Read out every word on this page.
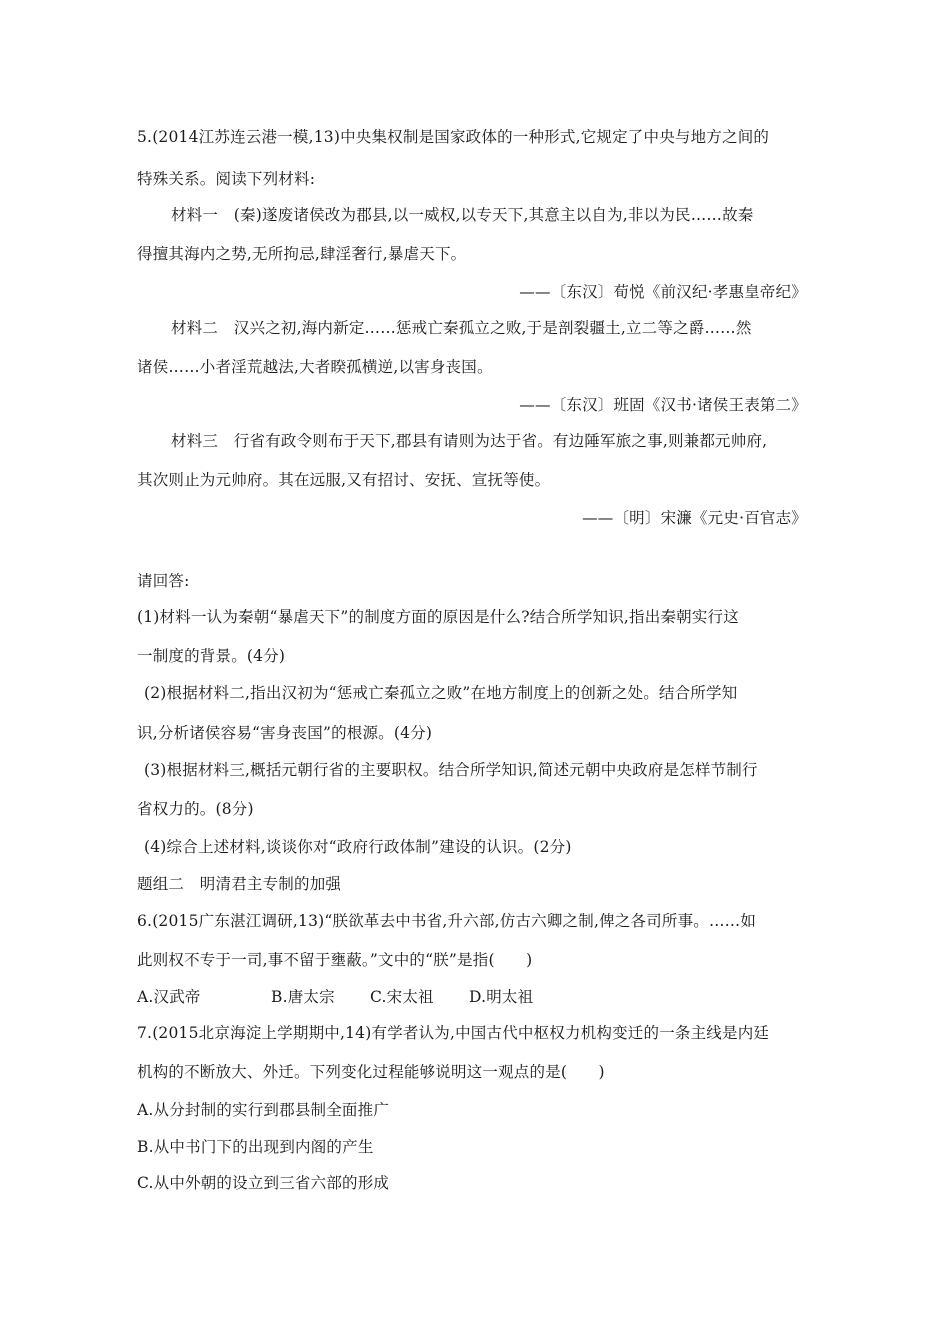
5.(2014江苏连云港一模,13)中央集权制是国家政体的一种形式,它规定了中央与地方之间的
特殊关系。阅读下列材料:
材料一　(秦)遂废诸侯改为郡县,以一威权,以专天下,其意主以自为,非以为民……故秦
得擅其海内之势,无所拘忌,肆淫奢行,暴虐天下。
——〔东汉〕荀悦《前汉纪·孝惠皇帝纪》
材料二　汉兴之初,海内新定……惩戒亡秦孤立之败,于是剖裂疆土,立二等之爵……然
诸侯……小者淫荒越法,大者睽孤横逆,以害身丧国。
——〔东汉〕班固《汉书·诸侯王表第二》
材料三　行省有政令则布于天下,郡县有请则为达于省。有边陲军旅之事,则兼都元帅府,
其次则止为元帅府。其在远服,又有招讨、安抚、宣抚等使。
——〔明〕宋濂《元史·百官志》
请回答:
(1)材料一认为秦朝“暴虐天下”的制度方面的原因是什么?结合所学知识,指出秦朝实行这
一制度的背景。(4分)
(2)根据材料二,指出汉初为“惩戒亡秦孤立之败”在地方制度上的创新之处。结合所学知
识,分析诸侯容易“害身丧国”的根源。(4分)
(3)根据材料三,概括元朝行省的主要职权。结合所学知识,简述元朝中央政府是怎样节制行
省权力的。(8分)
(4)综合上述材料,谈谈你对“政府行政体制”建设的认识。(2分)
题组二　明清君主专制的加强
6.(2015广东湛江调研,13)“朕欲革去中书省,升六部,仿古六卿之制,俾之各司所事。……如
此则权不专于一司,事不留于壅蔽。”文中的“朕”是指(　　)
A.汉武帝	B.唐太宗 C.宋太祖 D.明太祖
7.(2015北京海淀上学期期中,14)有学者认为,中国古代中枢权力机构变迁的一条主线是内廷
机构的不断放大、外迁。下列变化过程能够说明这一观点的是(　　)
A.从分封制的实行到郡县制全面推广
B.从中书门下的出现到内阁的产生
C.从中外朝的设立到三省六部的形成
